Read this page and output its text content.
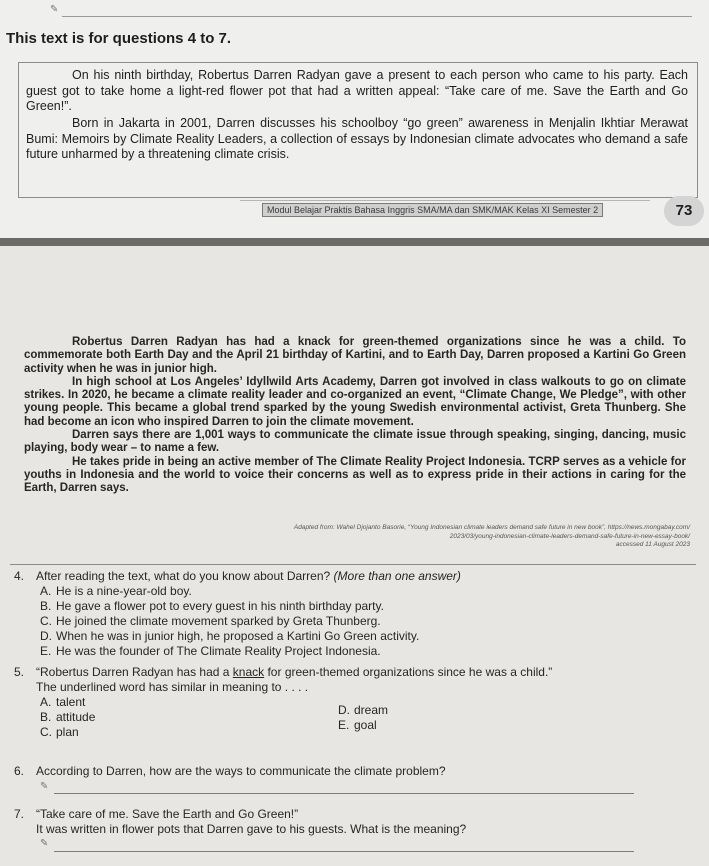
✎
This text is for questions 4 to 7.

On his ninth birthday, Robertus Darren Radyan gave a present to each person who came to his party. Each guest got to take home a light-red flower pot that had a written appeal: “Take care of me. Save the Earth and Go Green!”.

Born in Jakarta in 2001, Darren discusses his schoolboy “go green” awareness in Menjalin Ikhtiar Merawat Bumi: Memoirs by Climate Reality Leaders, a collection of essays by Indonesian climate advocates who demand a safe future unharmed by a threatening climate crisis.

Modul Belajar Praktis Bahasa Inggris SMA/MA dan SMK/MAK Kelas XI Semester 2	73

Robertus Darren Radyan has had a knack for green-themed organizations since he was a child. To commemorate both Earth Day and the April 21 birthday of Kartini, and to Earth Day, Darren proposed a Kartini Go Green activity when he was in junior high.

In high school at Los Angeles’ Idyllwild Arts Academy, Darren got involved in class walkouts to go on climate strikes. In 2020, he became a climate reality leader and co-organized an event, “Climate Change, We Pledge”, with other young people. This became a global trend sparked by the young Swedish environmental activist, Greta Thunberg. She had become an icon who inspired Darren to join the climate movement.

Darren says there are 1,001 ways to communicate the climate issue through speaking, singing, dancing, music playing, body wear – to name a few.

He takes pride in being an active member of The Climate Reality Project Indonesia. TCRP serves as a vehicle for youths in Indonesia and the world to voice their concerns as well as to express pride in their actions in caring for the Earth, Darren says.

Adapted from: Wahel Djojanto Basorie, “Young Indonesian climate leaders demand safe future in new book”, https://news.mongabay.com/
2023/03/young-indonesian-climate-leaders-demand-safe-future-in-new-essay-book/
accessed 11 August 2023
4. After reading the text, what do you know about Darren? (More than one answer)
A. He is a nine-year-old boy.
B. He gave a flower pot to every guest in his ninth birthday party.
C. He joined the climate movement sparked by Greta Thunberg.
D. When he was in junior high, he proposed a Kartini Go Green activity.
E. He was the founder of The Climate Reality Project Indonesia.
5. “Robertus Darren Radyan has had a knack for green-themed organizations since he was a child.”
The underlined word has similar in meaning to . . . .
A. talent
B. attitude
C. plan
D. dream
E. goal
6. According to Darren, how are the ways to communicate the climate problem?
✎
7. “Take care of me. Save the Earth and Go Green!”
It was written in flower pots that Darren gave to his guests. What is the meaning?
✎
